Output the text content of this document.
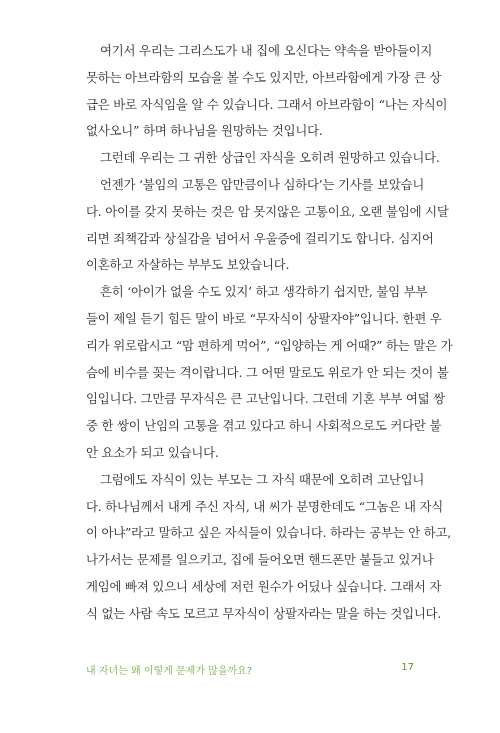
여기서 우리는 그리스도가 내 집에 오신다는 약속을 받아들이지
못하는 아브라함의 모습을 볼 수도 있지만, 아브라함에게 가장 큰 상
급은 바로 자식임을 알 수 있습니다. 그래서 아브라함이 “나는 자식이
없사오니” 하며 하나님을 원망하는 것입니다.
그런데 우리는 그 귀한 상급인 자식을 오히려 원망하고 있습니다.
언젠가 ‘불임의 고통은 암만큼이나 심하다’는 기사를 보았습니
다. 아이를 갖지 못하는 것은 암 못지않은 고통이요, 오랜 불임에 시달
리면 죄책감과 상실감을 넘어서 우울증에 걸리기도 합니다. 심지어
이혼하고 자살하는 부부도 보았습니다.
흔히 ‘아이가 없을 수도 있지’ 하고 생각하기 쉽지만, 불임 부부
들이 제일 듣기 힘든 말이 바로 “무자식이 상팔자야”입니다. 한편 우
리가 위로랍시고 “맘 편하게 먹어”, “입양하는 게 어때?” 하는 말은 가
슴에 비수를 꽂는 격이랍니다. 그 어떤 말로도 위로가 안 되는 것이 불
임입니다. 그만큼 무자식은 큰 고난입니다. 그런데 기혼 부부 여덟 쌍
중 한 쌍이 난임의 고통을 겪고 있다고 하니 사회적으로도 커다란 불
안 요소가 되고 있습니다.
그럼에도 자식이 있는 부모는 그 자식 때문에 오히려 고난입니
다. 하나님께서 내게 주신 자식, 내 씨가 분명한데도 “그놈은 내 자식
이 아냐”라고 말하고 싶은 자식들이 있습니다. 하라는 공부는 안 하고,
나가서는 문제를 일으키고, 집에 들어오면 핸드폰만 붙들고 있거나
게임에 빠져 있으니 세상에 저런 원수가 어딨나 싶습니다. 그래서 자
식 없는 사람 속도 모르고 무자식이 상팔자라는 말을 하는 것입니다.
내 자녀는 왜 이렇게 문제가 많을까요?	17
